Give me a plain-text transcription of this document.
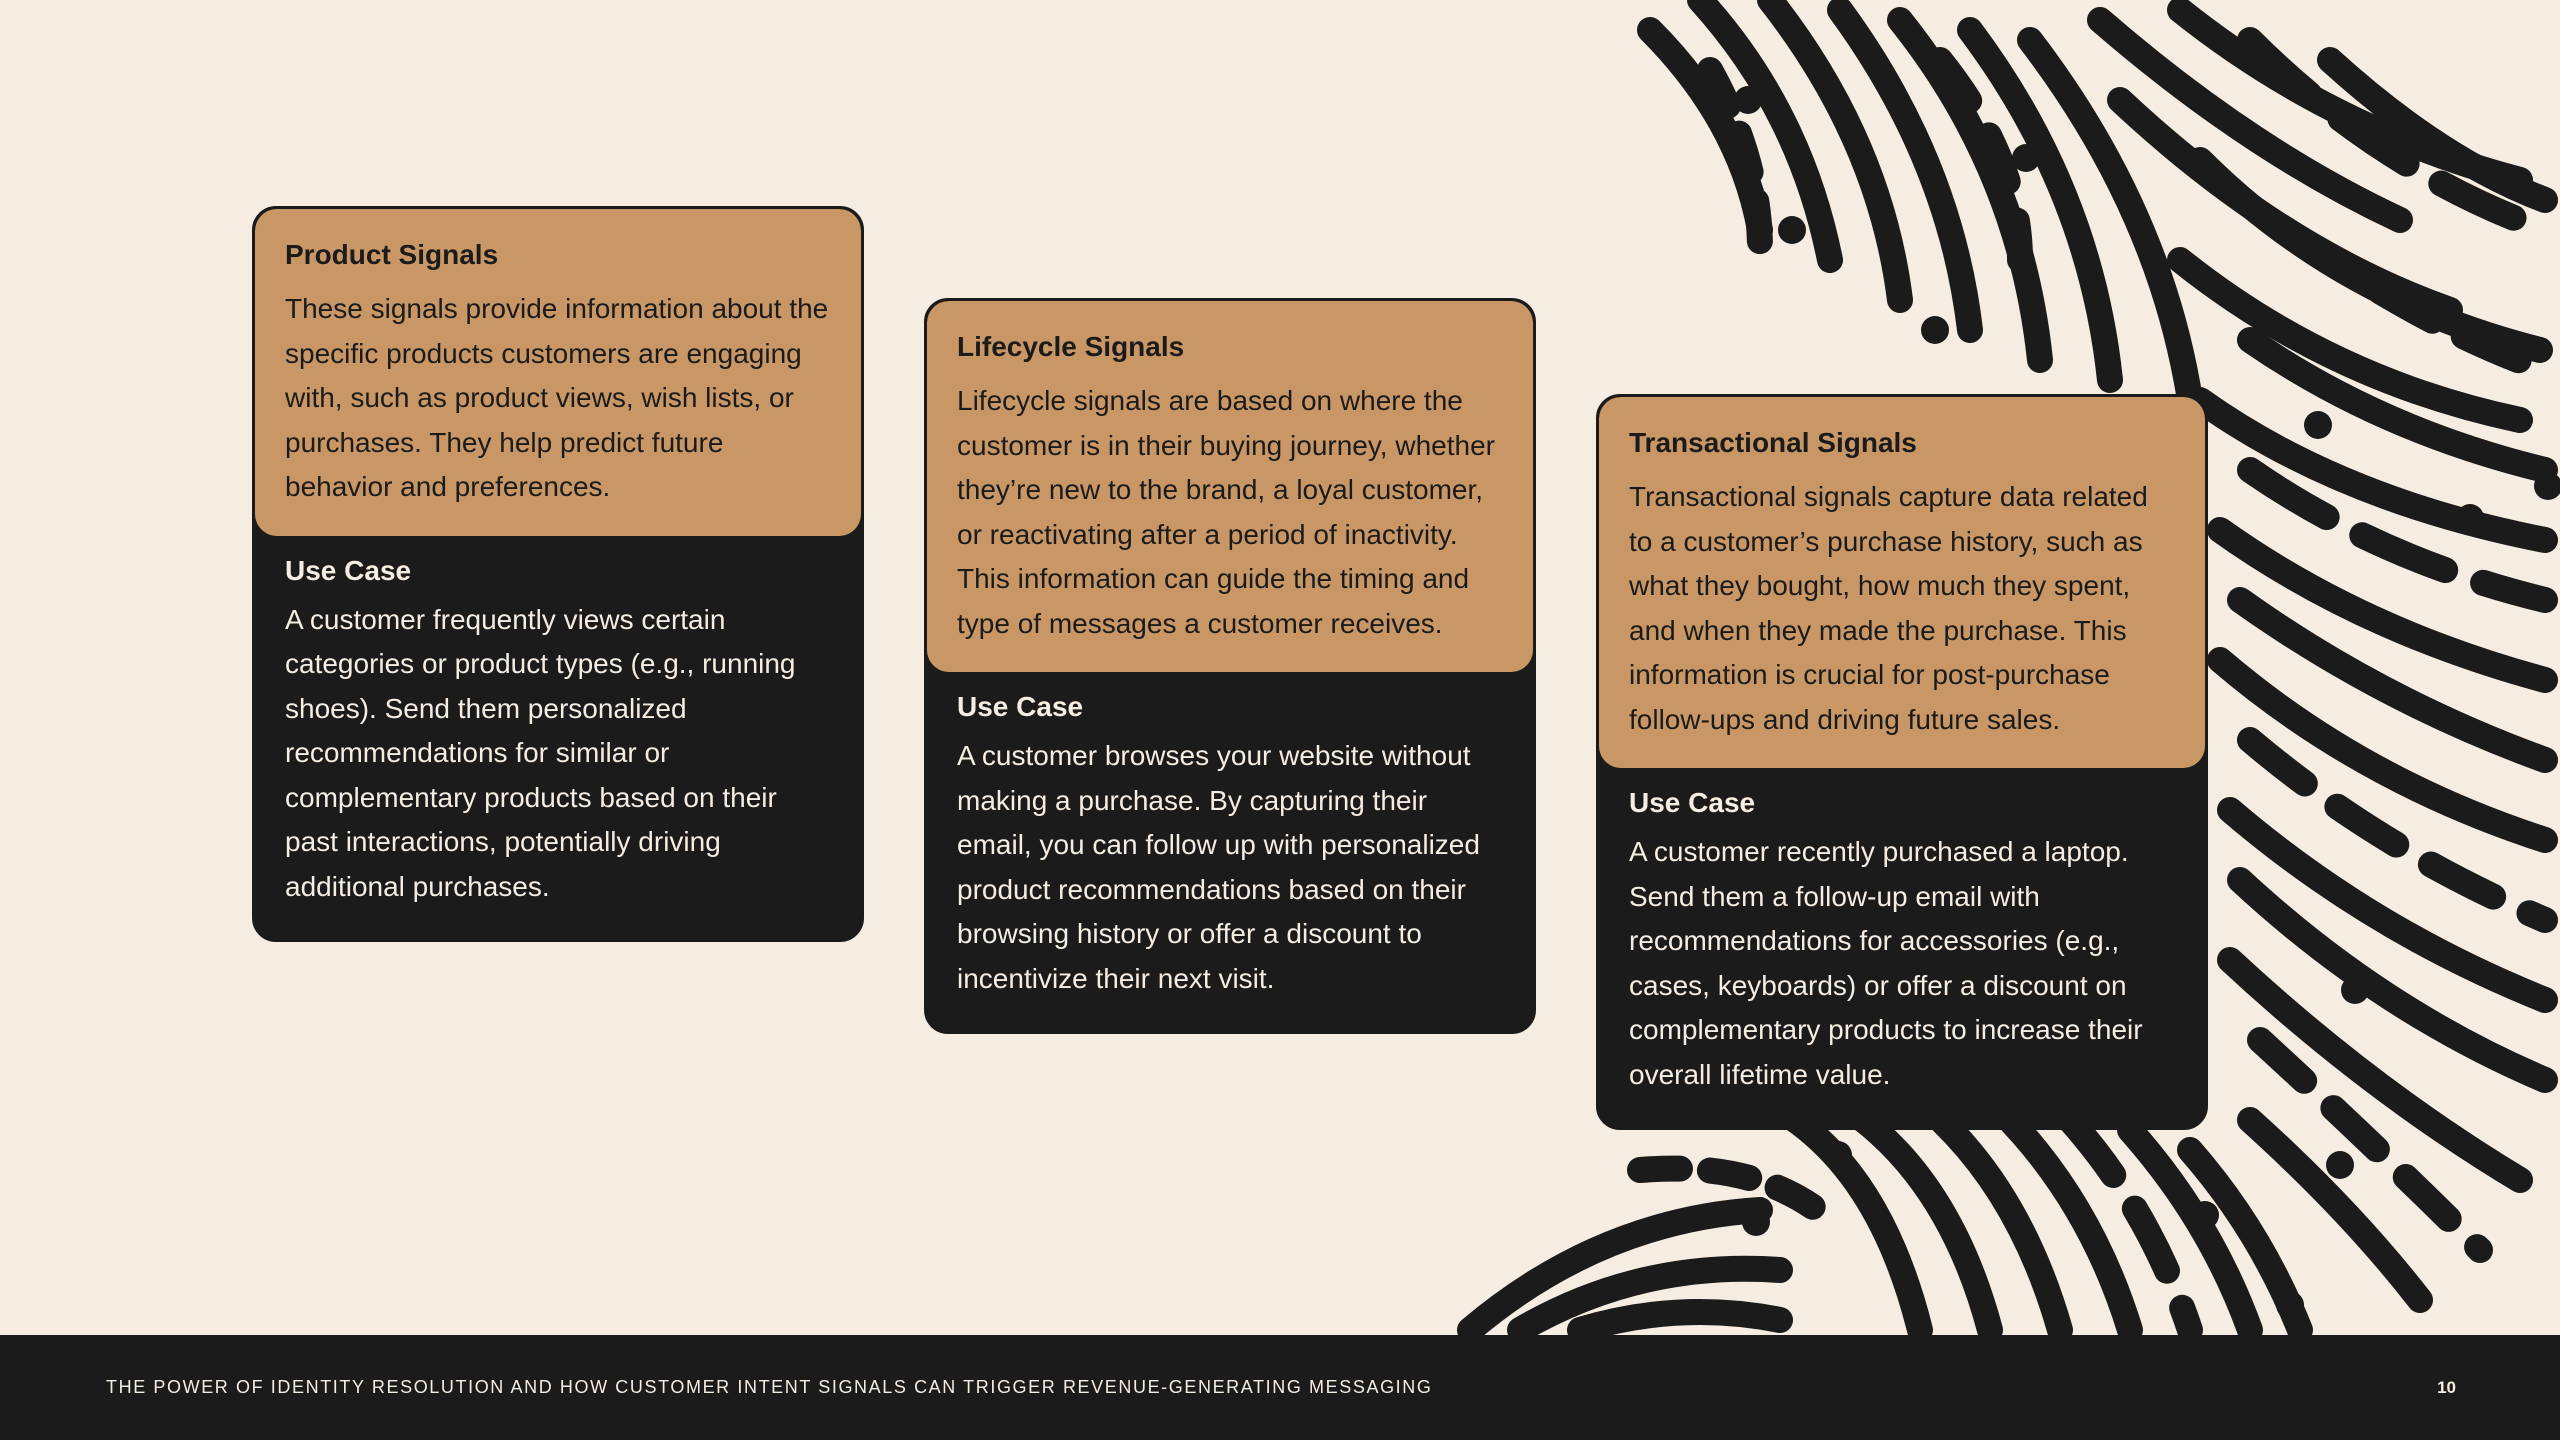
Product Signals

These signals provide information about the specific products customers are engaging with, such as product views, wish lists, or purchases. They help predict future behavior and preferences.

Use Case

A customer frequently views certain categories or product types (e.g., running shoes). Send them personalized recommendations for similar or complementary products based on their past interactions, potentially driving additional purchases.

Lifecycle Signals

Lifecycle signals are based on where the customer is in their buying journey, whether they’re new to the brand, a loyal customer, or reactivating after a period of inactivity. This information can guide the timing and type of messages a customer receives.

Use Case

A customer browses your website without making a purchase. By capturing their email, you can follow up with personalized product recommendations based on their browsing history or offer a discount to incentivize their next visit.

Transactional Signals

Transactional signals capture data related to a customer’s purchase history, such as what they bought, how much they spent, and when they made the purchase. This information is crucial for post-purchase follow-ups and driving future sales.

Use Case

A customer recently purchased a laptop. Send them a follow-up email with recommendations for accessories (e.g., cases, keyboards) or offer a discount on complementary products to increase their overall lifetime value.

THE POWER OF IDENTITY RESOLUTION AND HOW CUSTOMER INTENT SIGNALS CAN TRIGGER REVENUE-GENERATING MESSAGING	10
